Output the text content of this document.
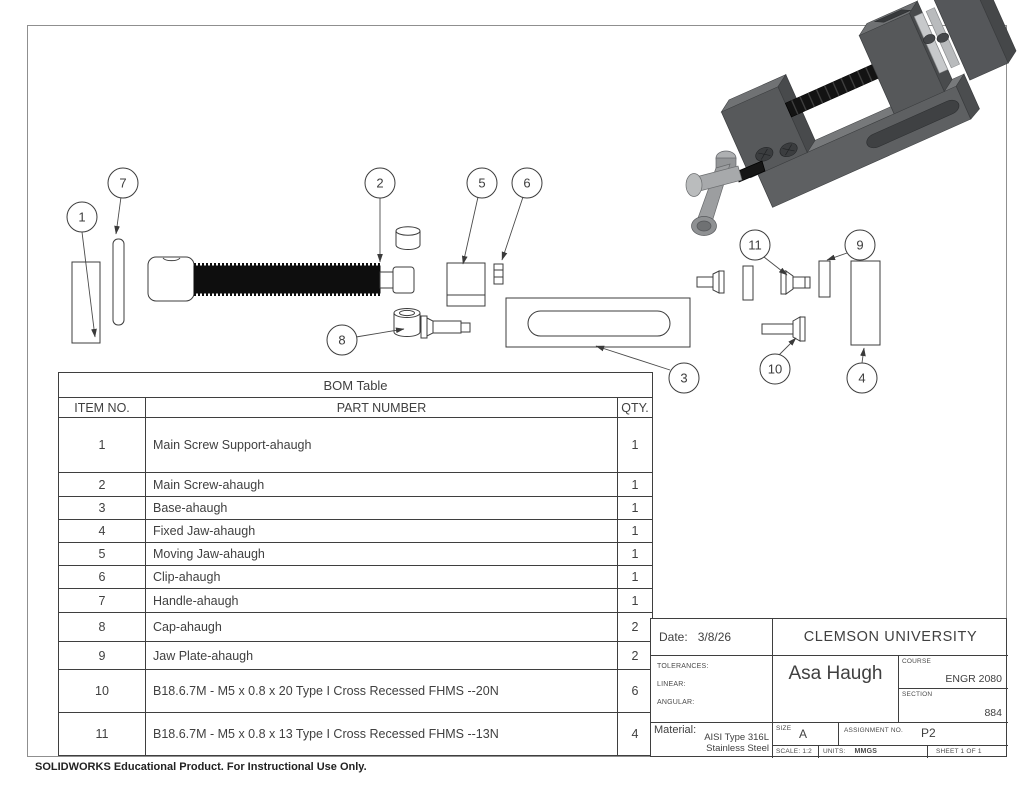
1
7	2	5	6
8
3
11	9
10
4
BOM Table		
ITEM NO.	PART NUMBER	QTY.
1	Main Screw Support-ahaugh	1
2	Main Screw-ahaugh	1
3	Base-ahaugh	1
4	Fixed Jaw-ahaugh	1
5	Moving Jaw-ahaugh	1
6	Clip-ahaugh	1
7	Handle-ahaugh	1
8	Cap-ahaugh	2
9	Jaw Plate-ahaugh	2
10	B18.6.7M - M5 x 0.8 x 20 Type I Cross Recessed FHMS --20N	6
11	B18.6.7M - M5 x 0.8 x 13 Type I Cross Recessed FHMS --13N	4
Date: 3/8/26
TOLERANCES:
LINEAR:
ANGULAR:
Material:
AISI Type 316L
Stainless Steel
CLEMSON UNIVERSITY
Asa Haugh
COURSE
ENGR 2080
SECTION
884
SIZE A	ASSIGNMENT NO. P2
SCALE: 1:2	UNITS: MMGS	SHEET 1 OF 1
SOLIDWORKS Educational Product. For Instructional Use Only.
